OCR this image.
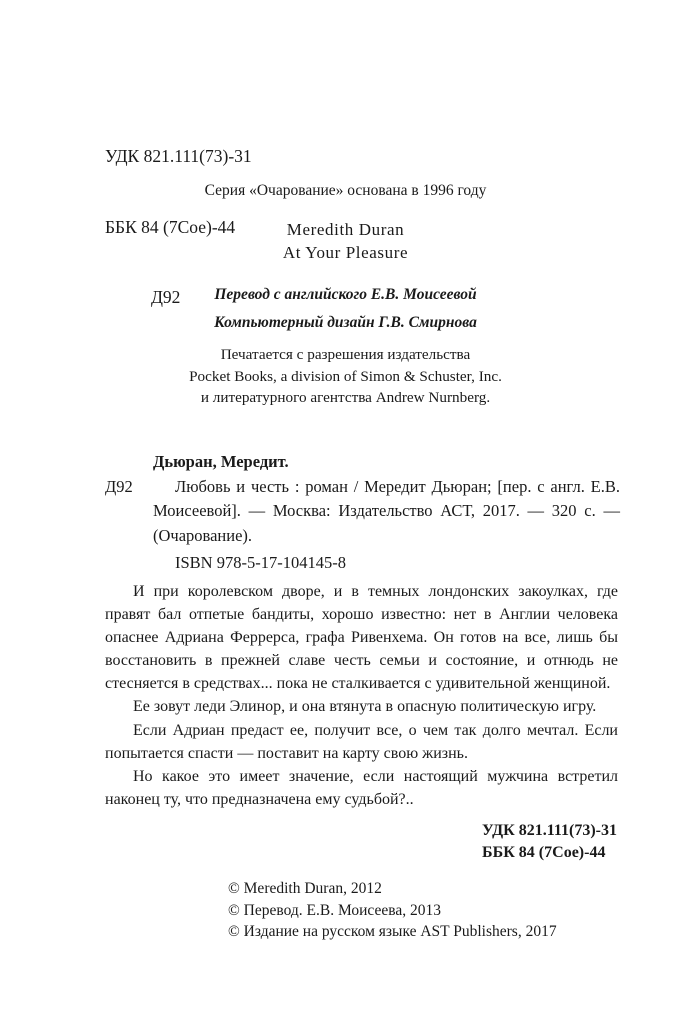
УДК 821.111(73)-31

ББК 84 (7Сое)-44

Д92

Серия «Очарование» основана в 1996 году
Meredith Duran
At Your Pleasure
Перевод с английского Е.В. Моисеевой
Компьютерный дизайн Г.В. Смирнова
Печатается с разрешения издательства
Pocket Books, a division of Simon & Schuster, Inc.
и литературного агентства Andrew Nurnberg.
Дьюран, Мередит.
Д92	Любовь и честь : роман / Мередит Дьюран; [пер. с англ. Е.В. Моисеевой]. — Москва: Издательство АСТ, 2017. — 320 с. — (Очарование).
ISBN 978-5-17-104145-8

И при королевском дворе, и в темных лондонских закоулках, где правят бал отпетые бандиты, хорошо известно: нет в Англии человека опаснее Адриана Феррерса, графа Ривенхема. Он готов на все, лишь бы восстановить в прежней славе честь семьи и состояние, и отнюдь не стесняется в средствах... пока не сталкивается с удивительной женщиной.

Ее зовут леди Элинор, и она втянута в опасную политическую игру.

Если Адриан предаст ее, получит все, о чем так долго мечтал. Если попытается спасти — поставит на карту свою жизнь.

Но какое это имеет значение, если настоящий мужчина встретил наконец ту, что предназначена ему судьбой?..

УДК 821.111(73)-31
ББК 84 (7Сое)-44
© Meredith Duran, 2012
© Перевод. Е.В. Моисеева, 2013
© Издание на русском языке AST Publishers, 2017
